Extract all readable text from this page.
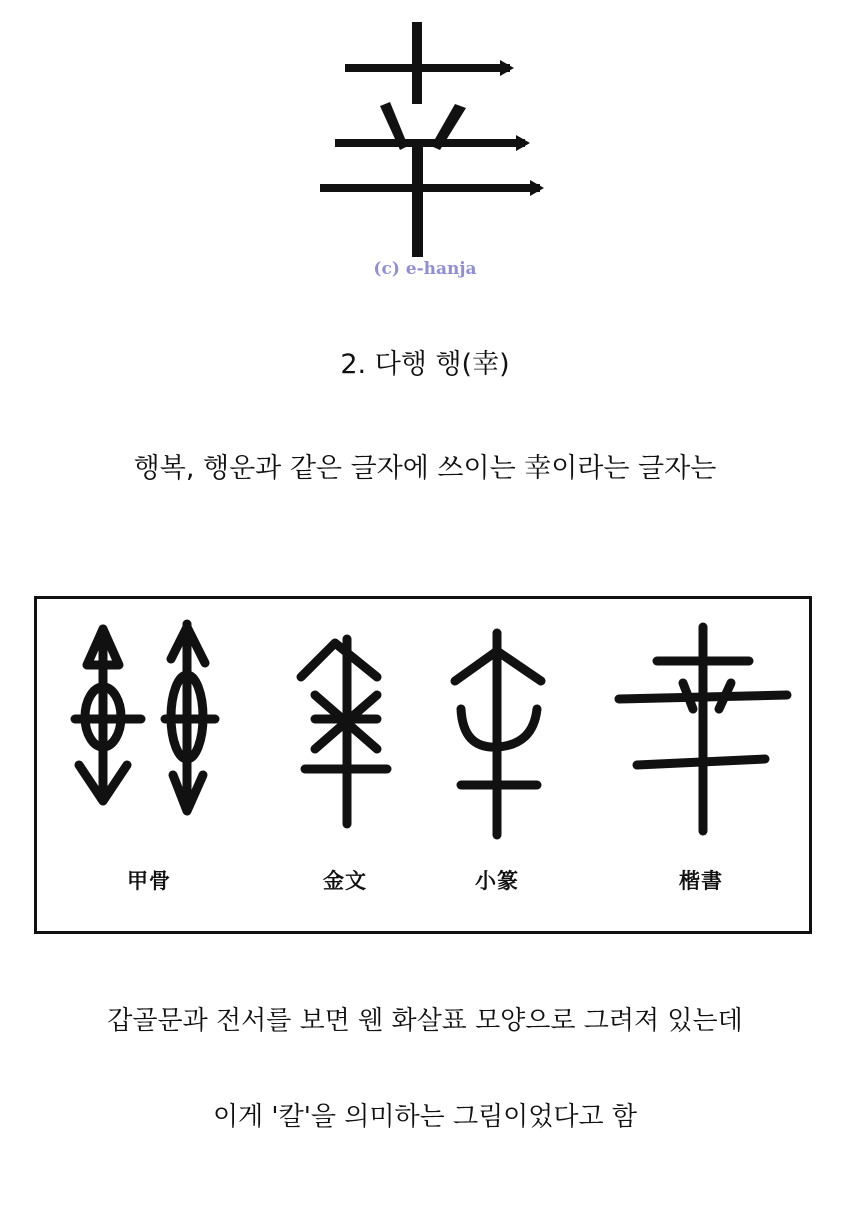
(c) e-hanja
2. 다행 행(幸)
행복, 행운과 같은 글자에 쓰이는 幸이라는 글자는
甲骨	金文	小篆	楷書
갑골문과 전서를 보면 웬 화살표 모양으로 그려져 있는데
이게 '칼'을 의미하는 그림이었다고 함
